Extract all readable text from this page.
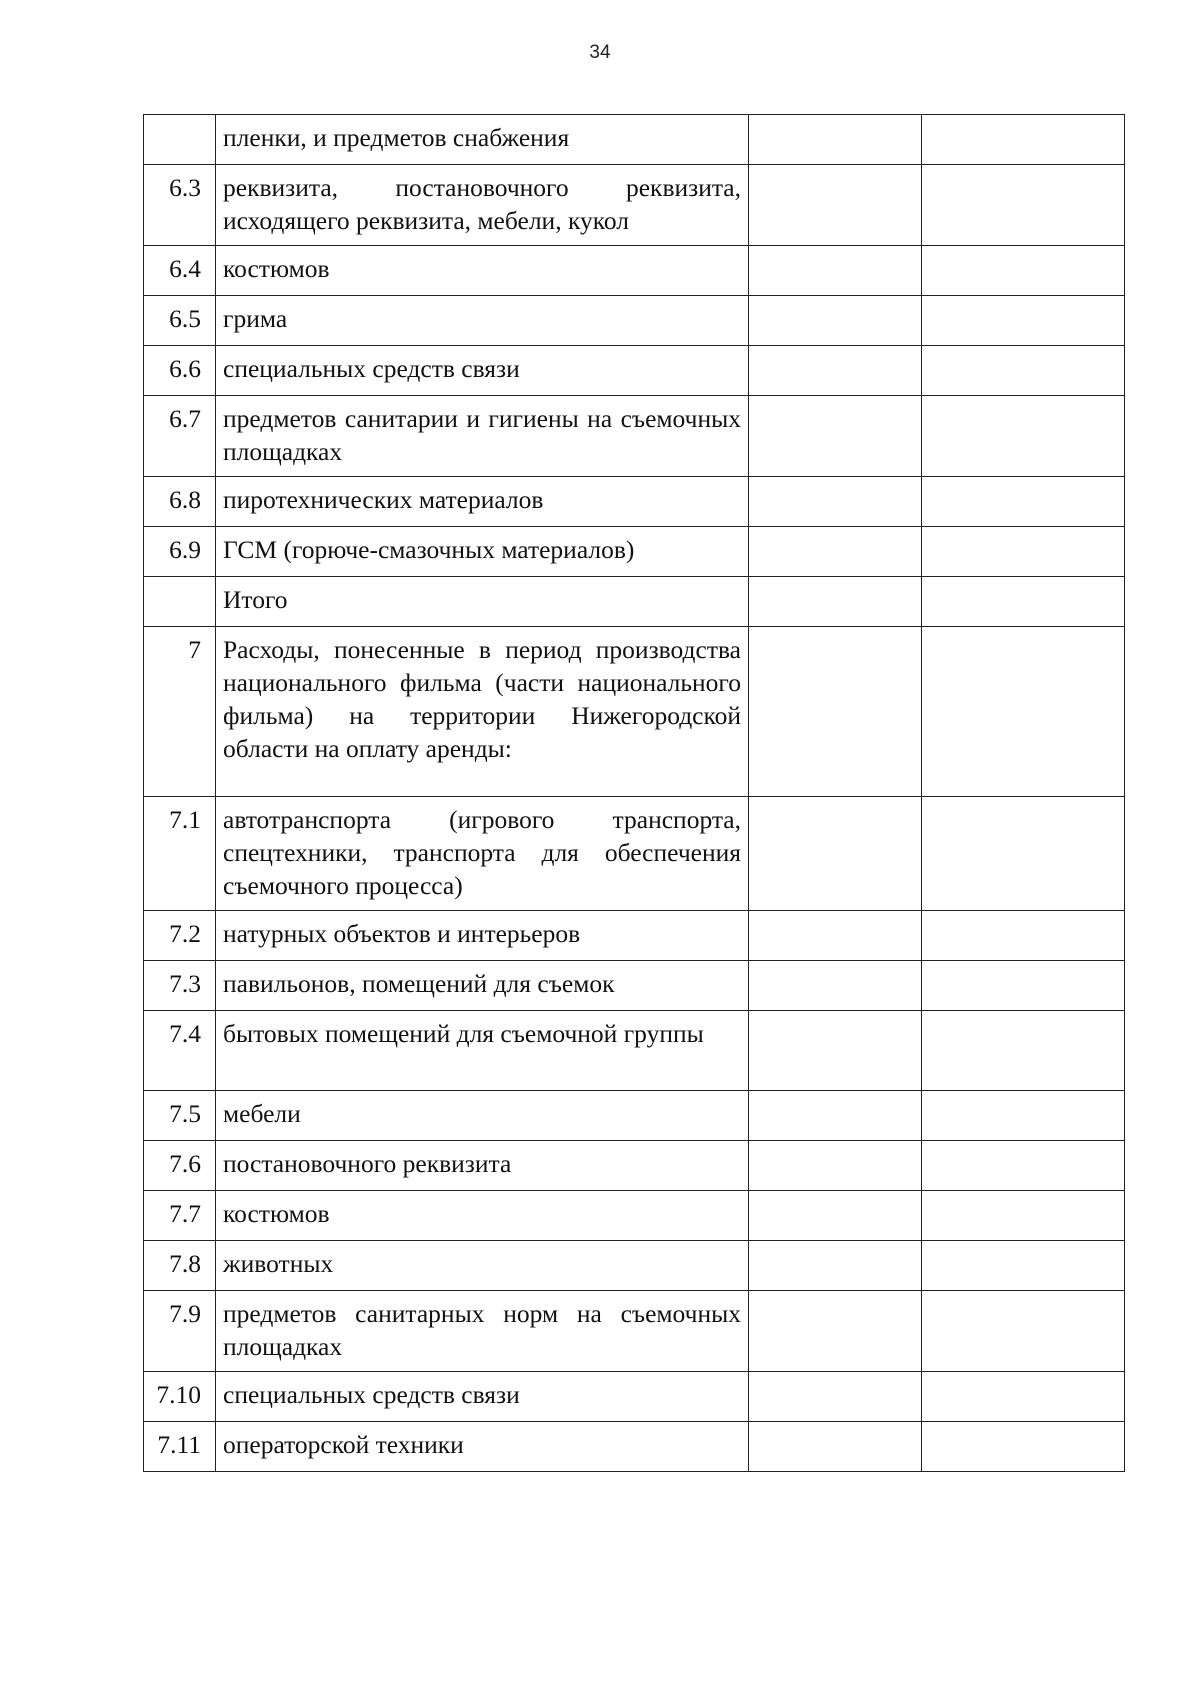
34
	пленки, и предметов снабжения		
6.3	реквизита, постановочного реквизита, исходящего реквизита, мебели, кукол		
6.4	костюмов		
6.5	грима		
6.6	специальных средств связи		
6.7	предметов санитарии и гигиены на съемочных площадках		
6.8	пиротехнических материалов		
6.9	ГСМ (горюче-смазочных материалов)		
	Итого		
7	Расходы, понесенные в период производства национального фильма (части национального фильма) на территории Нижегородской области на оплату аренды:		
7.1	автотранспорта (игрового транспорта, спецтехники, транспорта для обеспечения съемочного процесса)		
7.2	натурных объектов и интерьеров		
7.3	павильонов, помещений для съемок		
7.4	бытовых помещений для съемочной группы		
7.5	мебели		
7.6	постановочного реквизита		
7.7	костюмов		
7.8	животных		
7.9	предметов санитарных норм на съемочных площадках		
7.10	специальных средств связи		
7.11	операторской техники		
